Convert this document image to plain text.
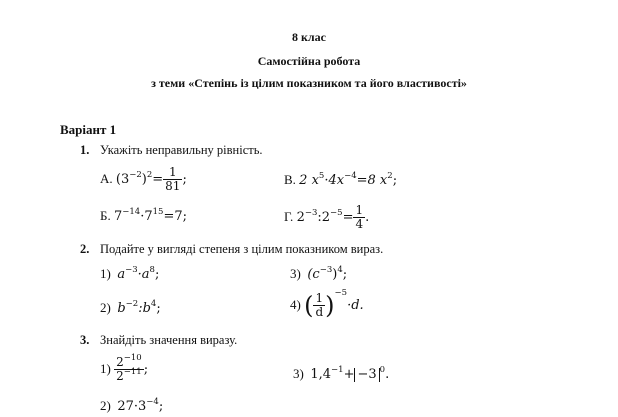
8 клас
Самостійна робота
з теми «Степінь із цілим показником та його властивості»
Варіант 1
1. Укажіть неправильну рівність.
А. $(3^{-2})^2= \frac{1}{81}$ ;	В. 2 $x^5\cdot 4x^{-4}=8$ $x^2$;
Б. $7^{-14}\cdot 7^{15}=7$;	Г. $2^{-3}:2^{-5}= \frac{1}{4}$ .
2. Подайте у вигляді степеня з цілим показником вираз.
1) $a^{-3}\cdot a^8$;	3) $(c^{-3})^4$;
2) $b^{-2}:b^4$;	4) ( $\frac{1}{d} )^{-5}\cdot d$.
3. Знайдіть значення виразу.
$1) \frac{2^{-10}}{2^{-11}}$ ;	3) $1,4^{-1}+ -3$ $^0$.
2) $27\cdot 3^{-4}$;
